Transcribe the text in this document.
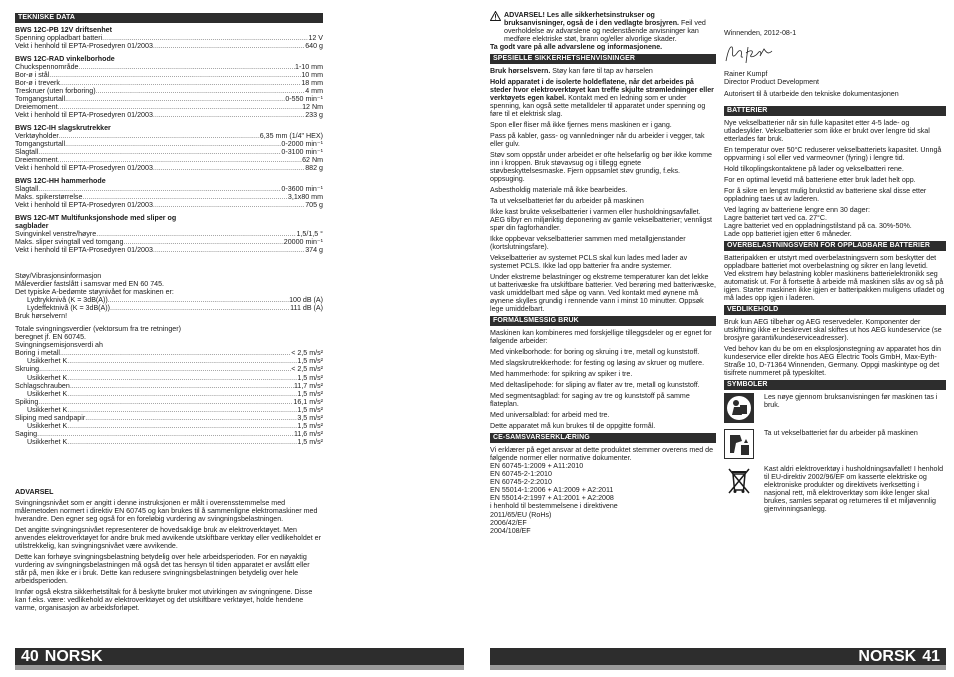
TEKNISKE DATA
BWS 12C-PB 12V driftsenhet
Spenning oppladbart batteri .....	12 V
Vekt i henhold til EPTA-Prosedyren 01/2003 .....	640 g
BWS 12C-RAD vinkelborhode
Chuckspennområde .....	1-10 mm
Bor-ø i stål .....	10 mm
Bor-ø i treverk .....	18 mm
Treskruer (uten forboring) .....	4 mm
Tomgangsturtall .....	0-550 min⁻¹
Dreiemoment .....	12 Nm
Vekt i henhold til EPTA-Prosedyren 01/2003 .....	233 g
BWS 12C-IH slagskrutrekker
Verktøyholder .....	6,35 mm (1/4" HEX)
Tomgangsturtall .....	0-2000 min⁻¹
Slagtall .....	0-3100 min⁻¹
Dreiemoment .....	62 Nm
Vekt i henhold til EPTA-Prosedyren 01/2003 .....	882 g
BWS 12C-HH hammerhode
Slagtall .....	0-3600 min⁻¹
Maks. spikerstørrelse .....	3,1x80 mm
Vekt i henhold til EPTA-Prosedyren 01/2003 .....	705 g
BWS 12C-MT Multifunksjonshode med sliper og sagblader
Svingvinkel venstre/høyre .....	1,5/1,5 °
Maks. sliper svingtall ved tomgang .....	20000 min⁻¹
Vekt i henhold til EPTA-Prosedyren 01/2003 .....	374 g
Støy/Vibrasjonsinformasjon
Måleverdier fastslått i samsvar med EN 60 745.
Det typiske A-bedømte støynivået for maskinen er:
Lydtrykknivå (K = 3dB(A)) .....	100 dB (A)
Lydeffektnivå (K = 3dB(A)) .....	111 dB (A)
Bruk hørselvern!
Totale svingningsverdier (vektorsum fra tre retninger)
beregnet jf. EN 60745.
Svingningsemisjonsverdi ah
Boring i metall .....	< 2,5 m/s²
Usikkerhet K .....	1,5 m/s²
Skruing .....	< 2,5 m/s²
Usikkerhet K .....	1,5 m/s²
Schlagschrauben .....	11,7 m/s²
Usikkerhet K .....	1,5 m/s²
Spiking .....	16,1 m/s²
Usikkerhet K .....	1,5 m/s²
Sliping med sandpapir .....	3,5 m/s²
Usikkerhet K .....	1,5 m/s²
Saging .....	11,6 m/s²
Usikkerhet K .....	1,5 m/s²
ADVARSEL

Svingningsnivået som er angitt i denne instruksjonen er målt i overensstemmelse med målemetoden normert i direktiv EN 60745 og kan brukes til å sammenligne elektromaskiner med hverandre. Den egner seg også for en foreløbig vurdering av svingningsbelastningen.

Det angitte svingningsnivået representerer de hovedsaklige bruk av elektroverktøyet. Men anvendes elektroverktøyet for andre bruk med avvikende utskiftbare verktøy eller vedlikeholdet er utilstrekkelig, kan svingningsnivået være avvikende.

Dette kan forhøye svingningsbelastning betydelig over hele arbeidsperioden. For en nøyaktig vurdering av svingningsbelastningen må også det tas hensyn til tiden apparatet er avslått eller står på, men ikke er i bruk. Dette kan redusere svingningsbelastningen betydelig over hele arbeidsperioden.

Innfør også ekstra sikkerhetstiltak for å beskytte bruker mot utvirkingen av svingningene. Disse kan f.eks. være: vedlikehold av elektroverktøyet og det utskiftbare verktøyet, holde hendene varme, organisasjon av arbeidsforløpet.

ADVARSEL! Les alle sikkerhetsinstrukser og bruksanvisninger, også de i den vedlagte brosjyren. Feil ved overholdelse av advarslene og nedenstående anvisninger kan medføre elektriske støt, brann og/eller alvorlige skader.

Ta godt vare på alle advarslene og informasjonene.

SPESIELLE SIKKERHETSHENVISNINGER

Bruk hørselsvern. Støy kan føre til tap av hørselen

Hold apparatet i de isolerte holdeflatene, når det arbeides på steder hvor elektroverktøyet kan treffe skjulte strømledninger eller verktøyets egen kabel. Kontakt med en ledning som er under spenning, kan også sette metalldeler til apparatet under spenning og føre til et elektrisk slag.

Spon eller fliser må ikke fjernes mens maskinen er i gang.

Pass på kabler, gass- og vannledninger når du arbeider i vegger, tak eller gulv.

Støv som oppstår under arbeidet er ofte helsefarlig og bør ikke komme inn i kroppen. Bruk støvavsug og i tillegg egnete støvbeskyttelsesmaske. Fjern oppsamlet støv grundig, f.eks. oppsuging.

Asbestholdig materiale må ikke bearbeides.

Ta ut vekselbatteriet før du arbeider på maskinen

Ikke kast brukte vekselbatterier i varmen eller husholdningsavfallet. AEG tilbyr en miljøriktig deponering av gamle vekselbatterier; vennligst spør din fagforhandler.

Ikke oppbevar vekselbatterier sammen med metallgjenstander (kortslutningsfare).

Vekselbatterier av systemet PCLS skal kun lades med lader av systemet PCLS. Ikke lad opp batterier fra andre systemer.

Under ekstreme belastninger og ekstreme temperaturer kan det lekke ut batterivæske fra utskiftbare batterier. Ved berøring med batterivæske, vask umiddelbart med såpe og vann. Ved kontakt med øynene må øynene skylles grundig i rennende vann i minst 10 minutter. Oppsøk lege umiddelbart.

FORMÅLSMESSIG BRUK

Maskinen kan kombineres med forskjellige tilleggsdeler og er egnet for følgende arbeider:

Med vinkelborhode: for boring og skruing i tre, metall og kunststoff.

Med slagskrutrekkerhode: for festing og løsing av skruer og mutlere.

Med hammerhode: for spikring av spiker i tre.

Med deltaslipehode: for sliping av flater av tre, metall og kunststoff.

Med segmentsagblad: for saging av tre og kunststoff på samme flateplan.

Med universalblad: for arbeid med tre.

Dette apparatet må kun brukes til de oppgitte formål.

CE-SAMSVARSERKLÆRING
Vi erklærer på eget ansvar at dette produktet stemmer overens med de følgende normer eller normative dokumenter.
EN 60745-1:2009 + A11:2010
EN 60745-2-1:2010
EN 60745-2-2:2010
EN 55014-1:2006 + A1:2009 + A2:2011
EN 55014-2:1997 + A1:2001 + A2:2008
i henhold til bestemmelsene i direktivene
2011/65/EU (RoHs)
2006/42/EF
2004/108/EF
Winnenden, 2012-08-1
Rainer Kumpf
Director Product Development

Autorisert til å utarbeide den tekniske dokumentasjonen

BATTERIER

Nye vekselbatterier når sin fulle kapasitet etter 4-5 lade- og utladesykler. Vekselbatterier som ikke er brukt over lengre tid skal etterlades før bruk.

En temperatur over 50°C reduserer vekselbatteriets kapasitet. Unngå oppvarming i sol eller ved varmeovner (fyring) i lengre tid.

Hold tilkoplingskontaktene på lader og vekselbatteri rene.

For en optimal levetid må batteriene etter bruk ladet helt opp.

For å sikre en lengst mulig brukstid av batteriene skal disse etter oppladning taes ut av laderen.

Ved lagring av batteriene lengre enn 30 dager:
Lagre batteriet tørt ved ca. 27°C.
Lagre batteriet ved en oppladningstilstand på ca. 30%-50%.

Lade opp batteriet igjen etter 6 måneder.

OVERBELASTNINGSVERN FOR OPPLADBARE BATTERIER

Batteripakken er utstyrt med overbelastningsvern som beskytter det oppladbare batteriet mot overbelastning og sikrer en lang levetid.
Ved ekstrem høy belastning kobler maskinens batterielektronikk seg automatisk ut. For å fortsette å arbeide må maskinen slås av og så på igjen. Starter maskinen ikke igjen er batteripakken muligens utladet og må lades opp igjen i laderen.

VEDLIKEHOLD

Bruk kun AEG tilbehør og AEG reservedeler. Komponenter der utskiftning ikke er beskrevet skal skiftes ut hos AEG kundeservice (se brosjyre garanti/kundeserviceadresser).

Ved behov kan du be om en eksplosjonstegning av apparatet hos din kundeservice eller direkte hos AEG Electric Tools GmbH, Max-Eyth-Straße 10, D-71364 Winnenden, Germany. Oppgi maskintype og det tisifrete nummeret på typeskiltet.

SYMBOLER
Les nøye gjennom bruksanvisningen før maskinen tas i bruk.
Ta ut vekselbatteriet før du arbeider på maskinen
Kast aldri elektroverktøy i husholdningsavfallet! I henhold til EU-direktiv 2002/96/EF om kasserte elektriske og elektroniske produkter og direktivets iverksetting i nasjonal rett, må elektroverktøy som ikke lenger skal brukes, samles separat og returneres til et miljøvennlig gjenvinningsanlegg.
40 NORSK	NORSK 41
